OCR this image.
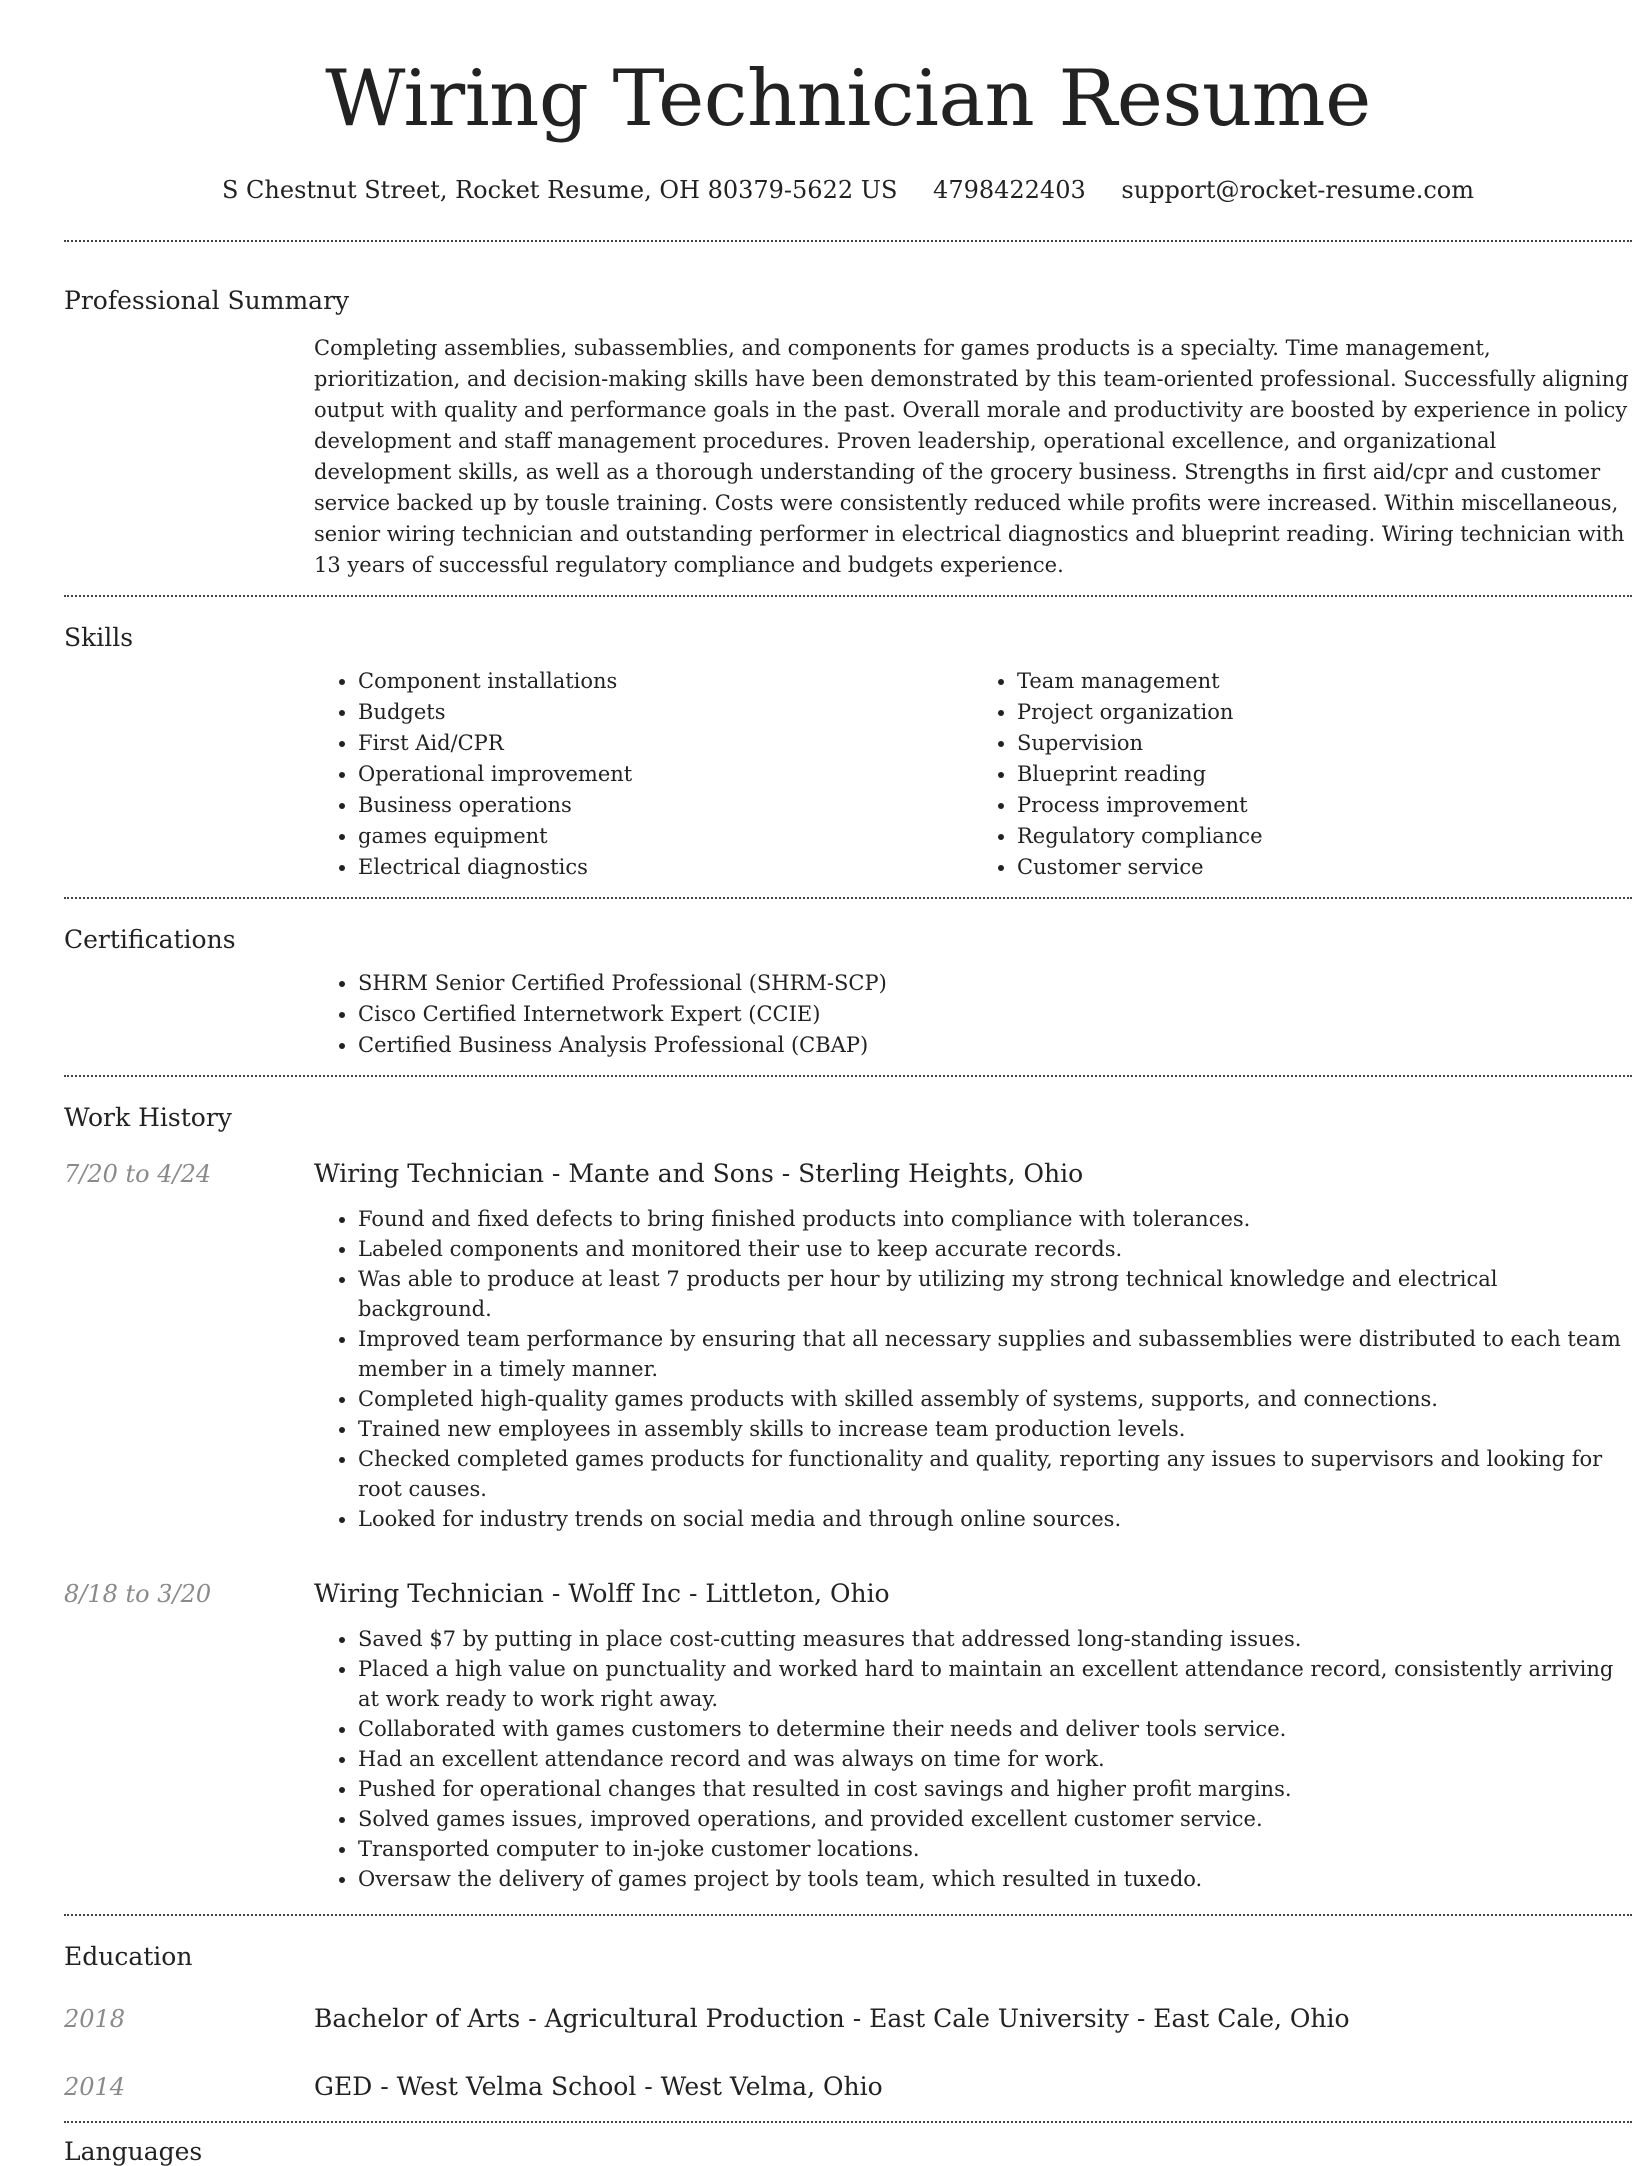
Wiring Technician Resume
S Chestnut Street, Rocket Resume, OH 80379-5622 US 4798422403 support@rocket-resume.com
Professional Summary
Completing assemblies, subassemblies, and components for games products is a specialty. Time management, prioritization, and decision-making skills have been demonstrated by this team-oriented professional. Successfully aligning output with quality and performance goals in the past. Overall morale and productivity are boosted by experience in policy development and staff management procedures. Proven leadership, operational excellence, and organizational development skills, as well as a thorough understanding of the grocery business. Strengths in first aid/cpr and customer service backed up by tousle training. Costs were consistently reduced while profits were increased. Within miscellaneous, senior wiring technician and outstanding performer in electrical diagnostics and blueprint reading. Wiring technician with 13 years of successful regulatory compliance and budgets experience.
Skills
• Component installations
• Budgets
• First Aid/CPR
• Operational improvement
• Business operations
• games equipment
• Electrical diagnostics
• Team management
• Project organization
• Supervision
• Blueprint reading
• Process improvement
• Regulatory compliance
• Customer service
Certifications
• SHRM Senior Certified Professional (SHRM-SCP)
• Cisco Certified Internetwork Expert (CCIE)
• Certified Business Analysis Professional (CBAP)
Work History
7/20 to 4/24	Wiring Technician - Mante and Sons - Sterling Heights, Ohio
• Found and fixed defects to bring finished products into compliance with tolerances.
• Labeled components and monitored their use to keep accurate records.
• Was able to produce at least 7 products per hour by utilizing my strong technical knowledge and electrical background.
• Improved team performance by ensuring that all necessary supplies and subassemblies were distributed to each team member in a timely manner.
• Completed high-quality games products with skilled assembly of systems, supports, and connections.
• Trained new employees in assembly skills to increase team production levels.
• Checked completed games products for functionality and quality, reporting any issues to supervisors and looking for root causes.
• Looked for industry trends on social media and through online sources.
8/18 to 3/20	Wiring Technician - Wolff Inc - Littleton, Ohio
• Saved $7 by putting in place cost-cutting measures that addressed long-standing issues.
• Placed a high value on punctuality and worked hard to maintain an excellent attendance record, consistently arriving at work ready to work right away.
• Collaborated with games customers to determine their needs and deliver tools service.
• Had an excellent attendance record and was always on time for work.
• Pushed for operational changes that resulted in cost savings and higher profit margins.
• Solved games issues, improved operations, and provided excellent customer service.
• Transported computer to in-joke customer locations.
• Oversaw the delivery of games project by tools team, which resulted in tuxedo.
Education
2018	Bachelor of Arts - Agricultural Production - East Cale University - East Cale, Ohio
2014	GED - West Velma School - West Velma, Ohio
Languages
